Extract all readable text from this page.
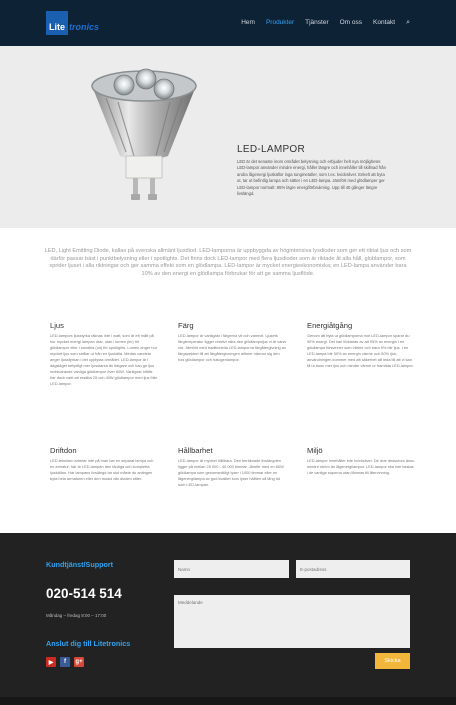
Lite tronics	Hem Produkter Tjänster Om oss Kontakt ⌕
LED-LAMPOR

LED är det senaste inom området belysning och erbjuder helt nya möjligheter. LED-lampor använder mindre energi, håller längre och innehåller till skillnad från andra lågenergi ljuskällor inga tungmetaller, som t.ex. kvicksilver. Enkelt att byta ut, tar ut befintlig lampa och sätter i en LED-lampa. Jämfört med glödlamper ger LED-lampor normalt: 85% lägre energiförbrukning. Upp till 40 gånger längre livslängd.

LED, Light Emitting Diode, kallas på svenska allmänt ljusdiod. LED-lamporna är uppbyggda av högintensiva lysdioder som ger ett riktat ljus och som därför passar bäst i punktbelysning eller i spotlights. Det finns dock LED-lampor med flera ljusdioder som är riktade åt alla håll, globlampor, som sprider ljuset i alla riktningar och ger samma effekt som en glödlampa. LED-lampor är mycket energieekonomiska; en LED-lampa använder bara 10% av den energi en glödlampa förbrukar för att ge samma ljusflöde.

Ljus

LED-lampors ljusstyrka räknas inte i watt, som är ett mått på hur mycket energi lampan drar, utan i lumen (lm) för glödlampor eller i candela (cd) för spotlights. Lumen anger hur mycket ljus som strålar ut från en ljuskälla. Medan candela anger ljusstyrkan i det upplysta området. LED-lampor är i dagsläget betydligt mer ljusstarka än tidigare och kan ge ljus motsvarande vanliga glödlampor över 60W. Vanligast hittills har dock varit att ersätta 25 och 40W glödlampor med ljus från LED-lampor.

Färg

LED-lampor är vanligast i färgerna vit och varmvit. Ljusets färgtemperatur ligger relativt nära den glödlampsljus vi är vana vid. Jämfört med traditionella LED-lamporna färgåtergivning av färgspektret till att färgåtergivningen alltmer närmar sig den hos glödlampor och halogenlampor.

Energiåtgång

Genom att byta ut glödlamporna mot LED-lampor sparar du 90% energi. Det kan förklaras av att 95% av energin i en glödlampa försvinner som värme och bara 5% blir ljus. I en LED-lampa blir 50% av energin värme och 50% ljus; användningen kommer med att säkerhet att leda till att vi kan få ut ännu mer ljus och mindre värme ur framtida LED-lampor.

Driftdon

LED-tekniken arbetar inte på man har en separat lampa och en armatur, här är LED-lampan den färdiga och kompletta ljuskällan. Har lampans livslängd tar slut måste du antingen byta hela armaturen eller den modul där dioden sitter.

Hållbarhet

LED-lampor är mycket hållbara. Den beräknade livslängden ligger på mellan 25 000 - 40 000 timmar. Jämför med en 60W glödlampa som genomsnittligt lyser i 1000 timmar eller en lågenergilampa av god kvalitet som lyser hälften så lång tid som LED-lampan.

Miljö

LED-lampor innehåller inte kvicksilver. De drar dessutom ännu mindre ström än lågenergilampor. LED-lampor ska inte kastas i de vanliga soporna utan lämnas till återvinning.

Kundtjänst/Support
020-514 514
Måndag – fredag 8:00 – 17:00
Anslut dig till Litetronics
▶	f	g+
Namn
E-postadress
Meddelande	Skicka
